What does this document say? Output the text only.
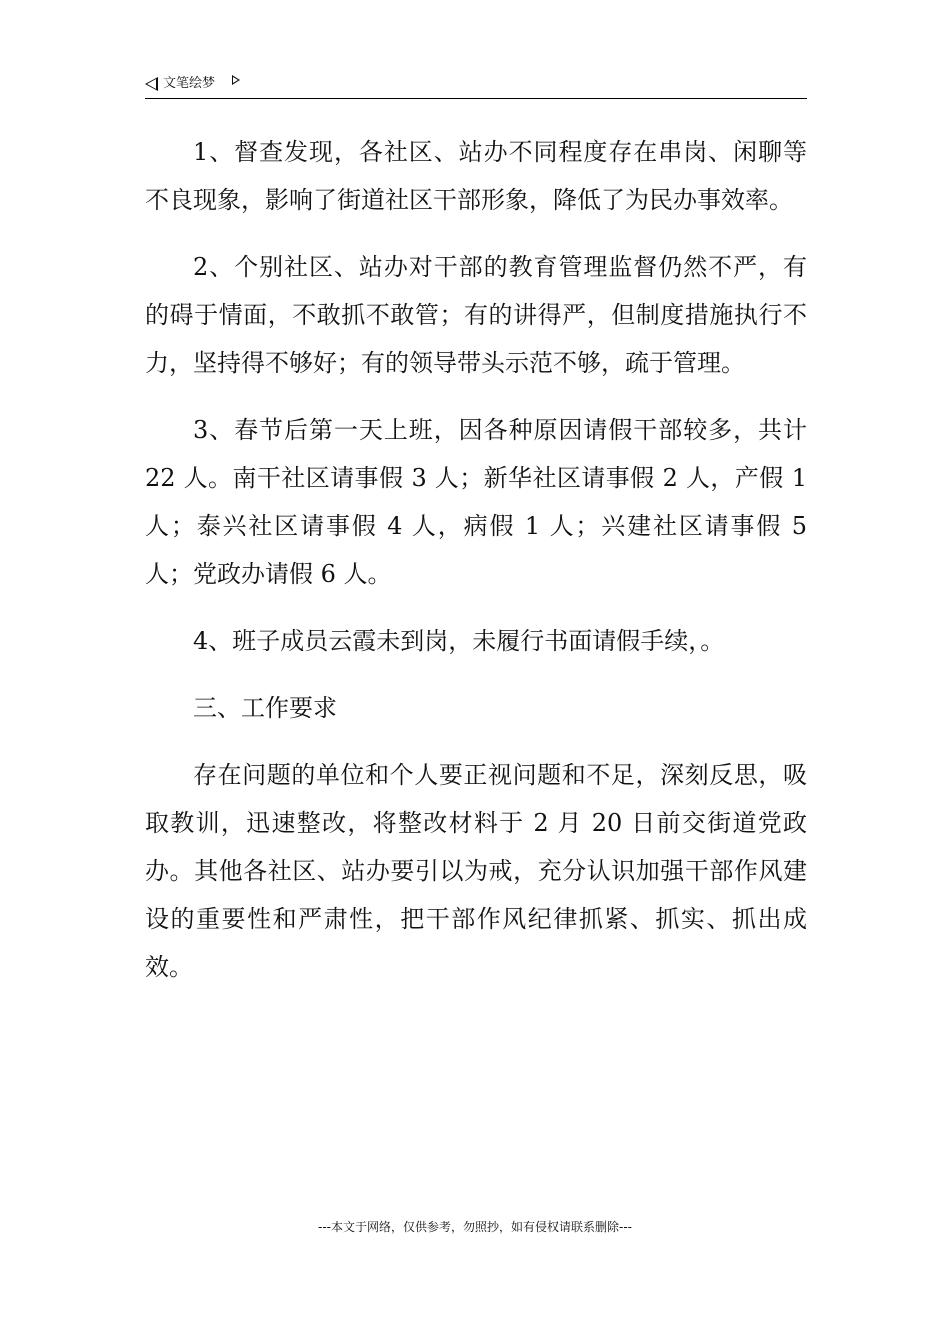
文笔绘梦

1、督查发现，各社区、站办不同程度存在串岗、闲聊等不良现象，影响了街道社区干部形象，降低了为民办事效率。

2、个别社区、站办对干部的教育管理监督仍然不严，有的碍于情面，不敢抓不敢管；有的讲得严，但制度措施执行不力，坚持得不够好；有的领导带头示范不够，疏于管理。

3、春节后第一天上班，因各种原因请假干部较多，共计 22 人。南干社区请事假 3 人；新华社区请事假 2 人，产假 1 人；泰兴社区请事假 4 人，病假 1 人；兴建社区请事假 5 人；党政办请假 6 人。

4、班子成员云霞未到岗，未履行书面请假手续，。

三、工作要求

存在问题的单位和个人要正视问题和不足，深刻反思，吸取教训，迅速整改，将整改材料于 2 月 20 日前交街道党政办。其他各社区、站办要引以为戒，充分认识加强干部作风建设的重要性和严肃性，把干部作风纪律抓紧、抓实、抓出成效。

---本文于网络，仅供参考，勿照抄，如有侵权请联系删除---
